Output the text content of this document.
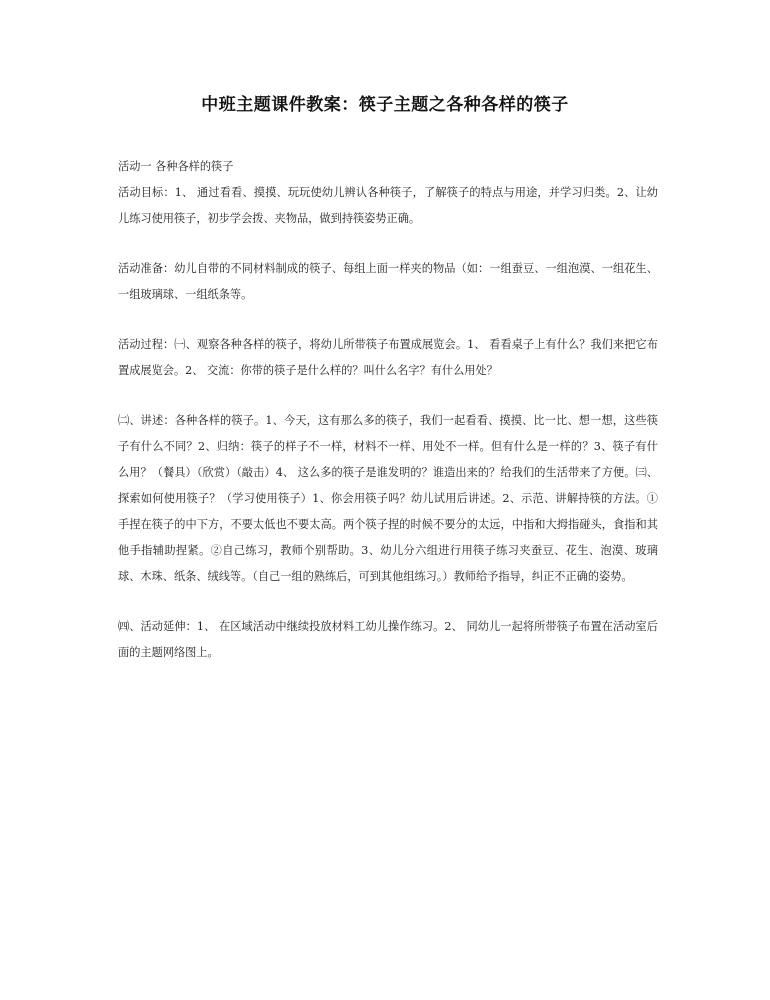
中班主题课件教案：筷子主题之各种各样的筷子

活动一 各种各样的筷子

活动目标：1、 通过看看、摸摸、玩玩使幼儿辨认各种筷子，了解筷子的特点与用途，并学习归类。2、让幼儿练习使用筷子，初步学会拨、夹物品，做到持筷姿势正确。

活动准备：幼儿自带的不同材料制成的筷子、每组上面一样夹的物品（如：一组蚕豆、一组泡漠、一组花生、一组玻璃球、一组纸条等。

活动过程：㈠、观察各种各样的筷子，将幼儿所带筷子布置成展览会。1、 看看桌子上有什么？我们来把它布置成展览会。2、 交流：你带的筷子是什么样的？叫什么名字？有什么用处？

㈡、讲述：各种各样的筷子。1、今天，这有那么多的筷子，我们一起看看、摸摸、比一比、想一想，这些筷子有什么不同？2、归纳：筷子的样子不一样，材料不一样、用处不一样。但有什么是一样的？3、筷子有什么用？（餐具）（欣赏）（敲击）4、 这么多的筷子是谁发明的？谁造出来的？给我们的生活带来了方便。㈢、探索如何使用筷子？（学习使用筷子）1、你会用筷子吗？幼儿试用后讲述。2、示范、讲解持筷的方法。①手捏在筷子的中下方，不要太低也不要太高。两个筷子捏的时候不要分的太远，中指和大拇指碰头，食指和其他手指辅助捏紧。②自己练习，教师个别帮助。3、幼儿分六组进行用筷子练习夹蚕豆、花生、泡漠、玻璃球、木珠、纸条、绒线等。（自己一组的熟练后，可到其他组练习。）教师给予指导，纠正不正确的姿势。

㈣、活动延伸：1、 在区域活动中继续投放材料工幼儿操作练习。2、 同幼儿一起将所带筷子布置在活动室后面的主题网络图上。
